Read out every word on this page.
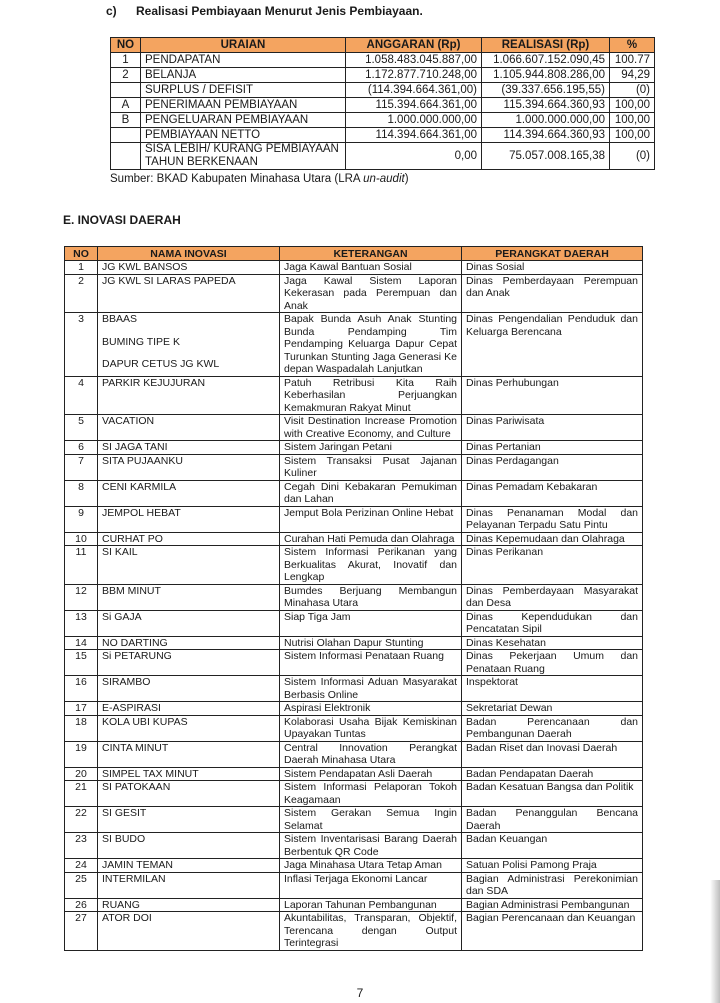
c) Realisasi Pembiayaan Menurut Jenis Pembiayaan.
NO	URAIAN	ANGGARAN (Rp)	REALISASI (Rp)	%
1	PENDAPATAN	1.058.483.045.887,00	1.066.607.152.090,45	100.77
2	BELANJA	1.172.877.710.248,00	1.105.944.808.286,00	94,29
	SURPLUS / DEFISIT	(114.394.664.361,00)	(39.337.656.195,55)	(0)
A	PENERIMAAN PEMBIAYAAN	115.394.664.361,00	115.394.664.360,93	100,00
B	PENGELUARAN PEMBIAYAAN	1.000.000.000,00	1.000.000.000,00	100,00
	PEMBIAYAAN NETTO	114.394.664.361,00	114.394.664.360,93	100,00
	SISA LEBIH/ KURANG PEMBIAYAAN TAHUN BERKENAAN	0,00	75.057.008.165,38	(0)
Sumber: BKAD Kabupaten Minahasa Utara (LRA un-audit)
E. INOVASI DAERAH
NO	NAMA INOVASI	KETERANGAN	PERANGKAT DAERAH
1	JG KWL BANSOS	Jaga Kawal Bantuan Sosial	Dinas Sosial
2	JG KWL SI LARAS PAPEDA	Jaga Kawal Sistem Laporan Kekerasan pada Perempuan dan Anak	Dinas Pemberdayaan Perempuan dan Anak
3	BBAAS
BUMING TIPE K
DAPUR CETUS JG KWL	Bapak Bunda Asuh Anak Stunting Bunda Pendamping Tim Pendamping Keluarga Dapur Cepat Turunkan Stunting Jaga Generasi Ke depan Waspadalah Lanjutkan	Dinas Pengendalian Penduduk dan Keluarga Berencana
4	PARKIR KEJUJURAN	Patuh Retribusi Kita Raih Keberhasilan Perjuangkan Kemakmuran Rakyat Minut	Dinas Perhubungan
5	VACATION	Visit Destination Increase Promotion with Creative Economy, and Culture	Dinas Pariwisata
6	SI JAGA TANI	Sistem Jaringan Petani	Dinas Pertanian
7	SITA PUJAANKU	Sistem Transaksi Pusat Jajanan Kuliner	Dinas Perdagangan
8	CENI KARMILA	Cegah Dini Kebakaran Pemukiman dan Lahan	Dinas Pemadam Kebakaran
9	JEMPOL HEBAT	Jemput Bola Perizinan Online Hebat	Dinas Penanaman Modal dan Pelayanan Terpadu Satu Pintu
10	CURHAT PO	Curahan Hati Pemuda dan Olahraga	Dinas Kepemudaan dan Olahraga
11	SI KAIL	Sistem Informasi Perikanan yang Berkualitas Akurat, Inovatif dan Lengkap	Dinas Perikanan
12	BBM MINUT	Bumdes Berjuang Membangun Minahasa Utara	Dinas Pemberdayaan Masyarakat dan Desa
13	Si GAJA	Siap Tiga Jam	Dinas Kependudukan dan Pencatatan Sipil
14	NO DARTING	Nutrisi Olahan Dapur Stunting	Dinas Kesehatan
15	Si PETARUNG	Sistem Informasi Penataan Ruang	Dinas Pekerjaan Umum dan Penataan Ruang
16	SIRAMBO	Sistem Informasi Aduan Masyarakat Berbasis Online	Inspektorat
17	E-ASPIRASI	Aspirasi Elektronik	Sekretariat Dewan
18	KOLA UBI KUPAS	Kolaborasi Usaha Bijak Kemiskinan Upayakan Tuntas	Badan Perencanaan dan Pembangunan Daerah
19	CINTA MINUT	Central Innovation Perangkat Daerah Minahasa Utara	Badan Riset dan Inovasi Daerah
20	SIMPEL TAX MINUT	Sistem Pendapatan Asli Daerah	Badan Pendapatan Daerah
21	SI PATOKAAN	Sistem Informasi Pelaporan Tokoh Keagamaan	Badan Kesatuan Bangsa dan Politik
22	SI GESIT	Sistem Gerakan Semua Ingin Selamat	Badan Penanggulan Bencana Daerah
23	SI BUDO	Sistem Inventarisasi Barang Daerah Berbentuk QR Code	Badan Keuangan
24	JAMIN TEMAN	Jaga Minahasa Utara Tetap Aman	Satuan Polisi Pamong Praja
25	INTERMILAN	Inflasi Terjaga Ekonomi Lancar	Bagian Administrasi Perekonimian dan SDA
26	RUANG	Laporan Tahunan Pembangunan	Bagian Administrasi Pembangunan
27	ATOR DOI	Akuntabilitas, Transparan, Objektif, Terencana dengan Output Terintegrasi	Bagian Perencanaan dan Keuangan
7
